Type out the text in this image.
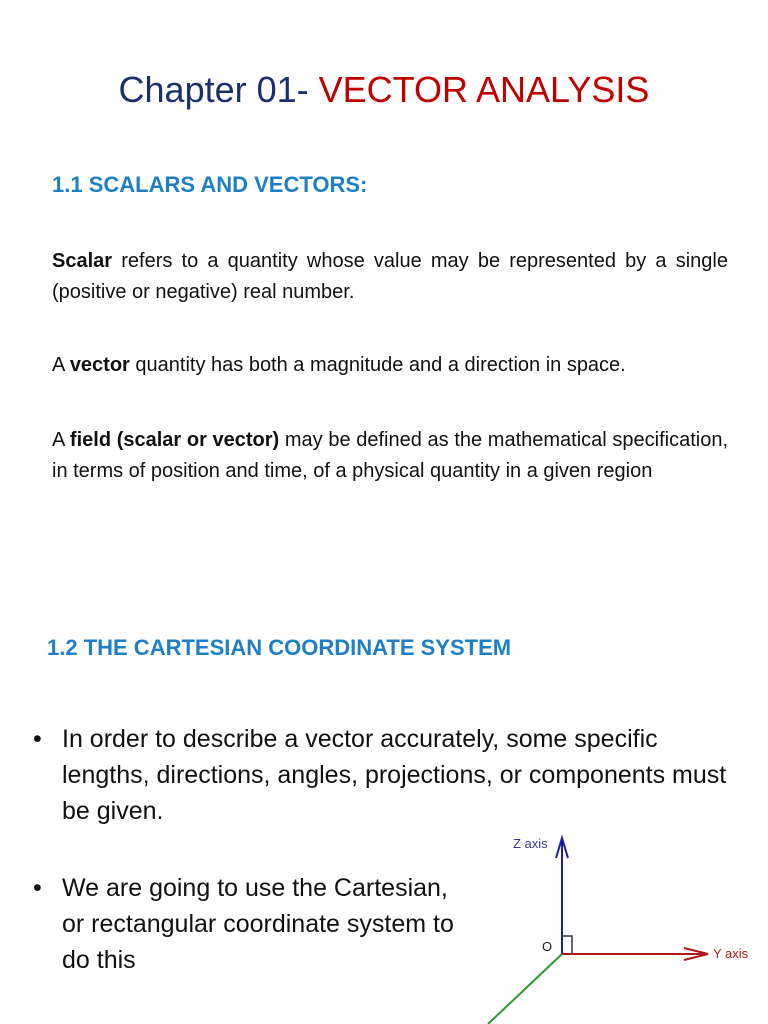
Chapter 01- VECTOR ANALYSIS
1.1 SCALARS AND VECTORS:

Scalar refers to a quantity whose value may be represented by a single (positive or negative) real number.

A vector quantity has both a magnitude and a direction in space.

A field (scalar or vector) may be defined as the mathematical specification, in terms of position and time, of a physical quantity in a given region

1.2 THE CARTESIAN COORDINATE SYSTEM
• In order to describe a vector accurately, some specific lengths, directions, angles, projections, or components must be given.
• We are going to use the Cartesian, or rectangular coordinate system to do this
Z axis
Y axis
O
